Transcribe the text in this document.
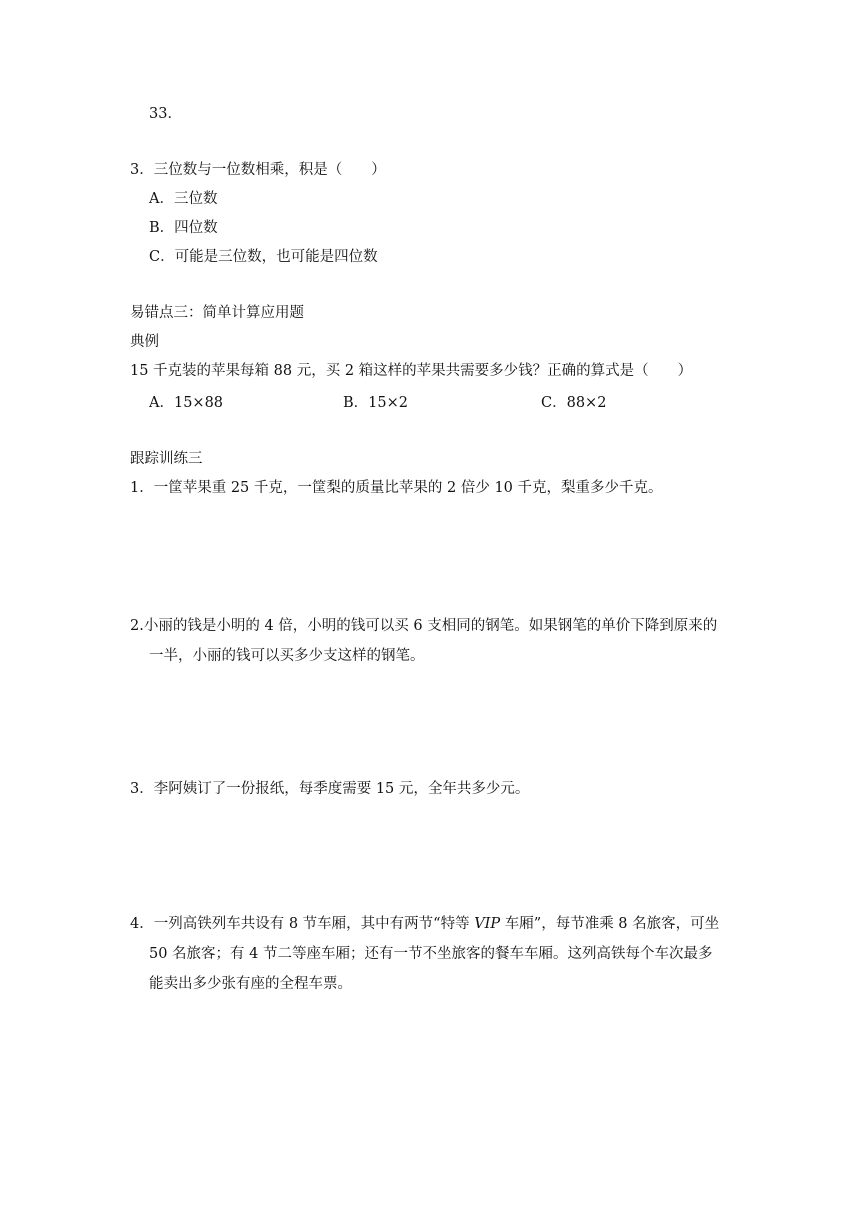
33．
3．三位数与一位数相乘，积是（　　）
A．三位数
B．四位数
C．可能是三位数，也可能是四位数
易错点三：简单计算应用题
典例
15 千克装的苹果每箱 88 元，买 2 箱这样的苹果共需要多少钱？正确的算式是（　　）
A．15×88	B．15×2	C．88×2
跟踪训练三
1．一筐苹果重 25 千克，一筐梨的质量比苹果的 2 倍少 10 千克，梨重多少千克。
2.小丽的钱是小明的 4 倍，小明的钱可以买 6 支相同的钢笔。如果钢笔的单价下降到原来的
一半，小丽的钱可以买多少支这样的钢笔。
3．李阿姨订了一份报纸，每季度需要 15 元，全年共多少元。
4．一列高铁列车共设有 8 节车厢，其中有两节“特等 VIP 车厢”，每节准乘 8 名旅客，可坐
50 名旅客；有 4 节二等座车厢；还有一节不坐旅客的餐车车厢。这列高铁每个车次最多
能卖出多少张有座的全程车票。
